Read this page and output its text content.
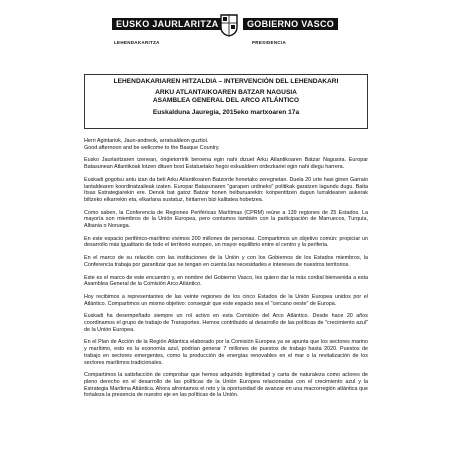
EUSKO JAURLARITZA	GOBIERNO VASCO
LEHENDAKARITZA	PRESIDENCIA
LEHENDAKARIAREN HITZALDIA – INTERVENCIÓN DEL LEHENDAKARI
ARKU ATLANTAIKOAREN BATZAR NAGUSIA
ASAMBLEA GENERAL DEL ARCO ATLÁNTICO
Euskalduna Jauregia, 2015eko martxoaren 17a
Herri Agintariok, Jaun-andreok, arratsaldeon guztioi.
Good afternoon and be wellcome to the Basque Country.

Eusko Jaurlaritzaren izenean, ongietorririk beroena egin nahi dizuet Arku Atlantikoaren Batzar Nagusira. Europar Batasunean Atlantikoak lotzen dituen bost Estatuetako hegoi eskualdeen ordezkariei egin nahi diegu harrera.

Euskadi gogotsu antu izan da beti Arku Atlantikoaren Batzorde honetako zeregnetan. Duela 20 urte hasi ginen Garraio lantaldearen koordinatzaileak izaten. Europar Batasunaren "garapen urdineko" politikak garatzen lagundu dugu. Baita Itsas Estrategiarekin ere. Denok bat gatoz Batzar honen helburuarekin: konpentitzen dugun lurraldearen aukerak biltzeko elkarrekin eta, elkarlana sustatuz, hiritarren bizi kalitatea hobetzea.

Como saben, la Conferencia de Regiones Periféricas Marítimas (CPRM) reúne a 139 regiones de 25 Estados. La mayoría son miembros de la Unión Europea, pero contamos también con la participación de Marruecos, Turquía, Albania o Noruega.

En este espacio periférico-marítimo vivimos 200 millones de personas. Compartimos un objetivo común: propiciar un desarrollo más igualitario de todo el territorio europeo, un mayor equilibrio entre el centro y la periferia.

En el marco de su relación con las instituciones de la Unión y con los Gobiernos de los Estados miembros, la Conferencia trabaja por garantizar que se tengan en cuenta las necesidades e intereses de nuestros territorios.

Este es el marco de este encuentro y, en nombre del Gobierno Vasco, les quiero dar la más cordial bienvenida a esta Asamblea General de la Comisión Arco Atlántico.

Hoy recibimos a representantes de las veinte regiones de los cinco Estados de la Unión Europea unidos por el Atlántico. Compartimos un mismo objetivo: conseguir que este espacio sea el "cercano oeste" de Europa.

Euskadi ha desempeñado siempre un rol activo en esta Comisión del Arco Atlántico. Desde hace 20 años coordinamos el grupo de trabajo de Transportes. Hemos contribuido al desarrollo de las políticas de "crecimiento azul" de la Unión Europea.

En el Plan de Acción de la Región Atlántica elaborado por la Comisión Europea ya se apunta que los sectores marino y marítimo, esto es la economía azul, podrían generar 7 millones de puestos de trabajo hasta 2020. Puestos de trabajo en sectores emergentes, como la producción de energías renovables en el mar o la revitalización de los sectores marítimos tradicionales.

Compartimos la satisfacción de comprobar que hemos adquirido legitimidad y carta de naturaleza como actores de pleno derecho en el desarrollo de las políticas de la Unión Europea relacionadas con el crecimiento azul y la Estrategia Marítima Atlántica. Ahora afrontamos el reto y la oportunidad de avanzar en una macrorregión atlántica que fortaleza la presencia de nuestro eje en las políticas de la Unión.
